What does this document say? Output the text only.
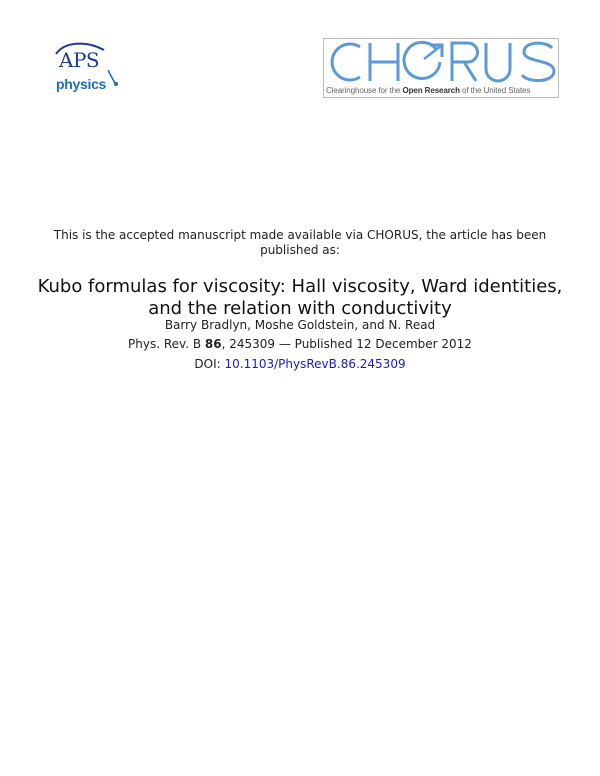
APS
physics	Clearinghouse for the Open Research of the United States
This is the accepted manuscript made available via CHORUS, the article has been published as:
Kubo formulas for viscosity: Hall viscosity, Ward identities, and the relation with conductivity
Barry Bradlyn, Moshe Goldstein, and N. Read
Phys. Rev. B 86, 245309 — Published 12 December 2012
DOI: 10.1103/PhysRevB.86.245309
